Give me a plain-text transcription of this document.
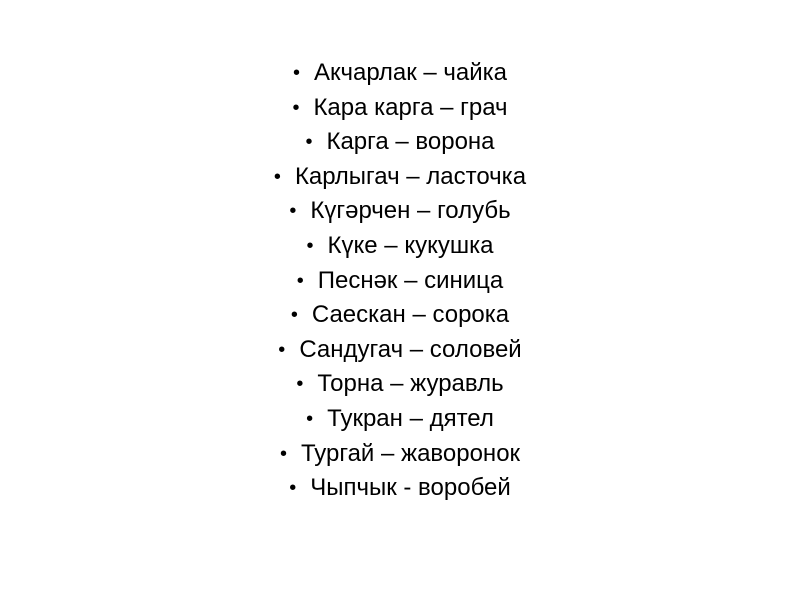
• Акчарлак – чайка
• Кара карга – грач
• Карга – ворона
• Карлыгач – ласточка
• Күгәрчен – голубь
• Күке – кукушка
• Песнәк – синица
• Саескан – сорока
• Сандугач – соловей
• Торна – журавль
• Тукран – дятел
• Тургай – жаворонок
• Чыпчык - воробей
